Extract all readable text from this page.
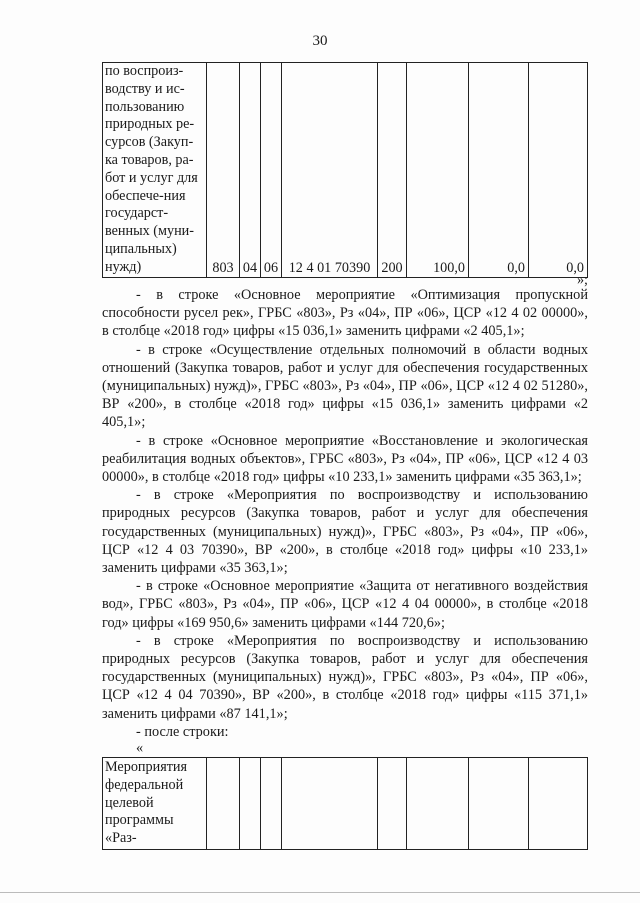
30
по воспроиз-водству и ис-пользованию природных ре-сурсов (Закуп-ка товаров, ра-бот и услуг для обеспече-ния государст-венных (муни-ципальных) нужд)	803	04	06	12 4 01 70390	200	100,0	0,0	0,0
»;

- в строке «Основное мероприятие «Оптимизация пропускной способности русел рек», ГРБС «803», Рз «04», ПР «06», ЦСР «12 4 02 00000», в столбце «2018 год» цифры «15 036,1» заменить цифрами «2 405,1»;

- в строке «Осуществление отдельных полномочий в области водных отношений (Закупка товаров, работ и услуг для обеспечения государственных (муниципальных) нужд)», ГРБС «803», Рз «04», ПР «06», ЦСР «12 4 02 51280», ВР «200», в столбце «2018 год» цифры «15 036,1» заменить цифрами «2 405,1»;

- в строке «Основное мероприятие «Восстановление и экологическая реабилитация водных объектов», ГРБС «803», Рз «04», ПР «06», ЦСР «12 4 03 00000», в столбце «2018 год» цифры «10 233,1» заменить цифрами «35 363,1»;

- в строке «Мероприятия по воспроизводству и использованию природных ресурсов (Закупка товаров, работ и услуг для обеспечения государственных (муниципальных) нужд)», ГРБС «803», Рз «04», ПР «06», ЦСР «12 4 03 70390», ВР «200», в столбце «2018 год» цифры «10 233,1» заменить цифрами «35 363,1»;

- в строке «Основное мероприятие «Защита от негативного воздействия вод», ГРБС «803», Рз «04», ПР «06», ЦСР «12 4 04 00000», в столбце «2018 год» цифры «169 950,6» заменить цифрами «144 720,6»;

- в строке «Мероприятия по воспроизводству и использованию природных ресурсов (Закупка товаров, работ и услуг для обеспечения государственных (муниципальных) нужд)», ГРБС «803», Рз «04», ПР «06», ЦСР «12 4 04 70390», ВР «200», в столбце «2018 год» цифры «115 371,1» заменить цифрами «87 141,1»;

- после строки:

«
Мероприятия федеральной целевой программы «Раз-								
